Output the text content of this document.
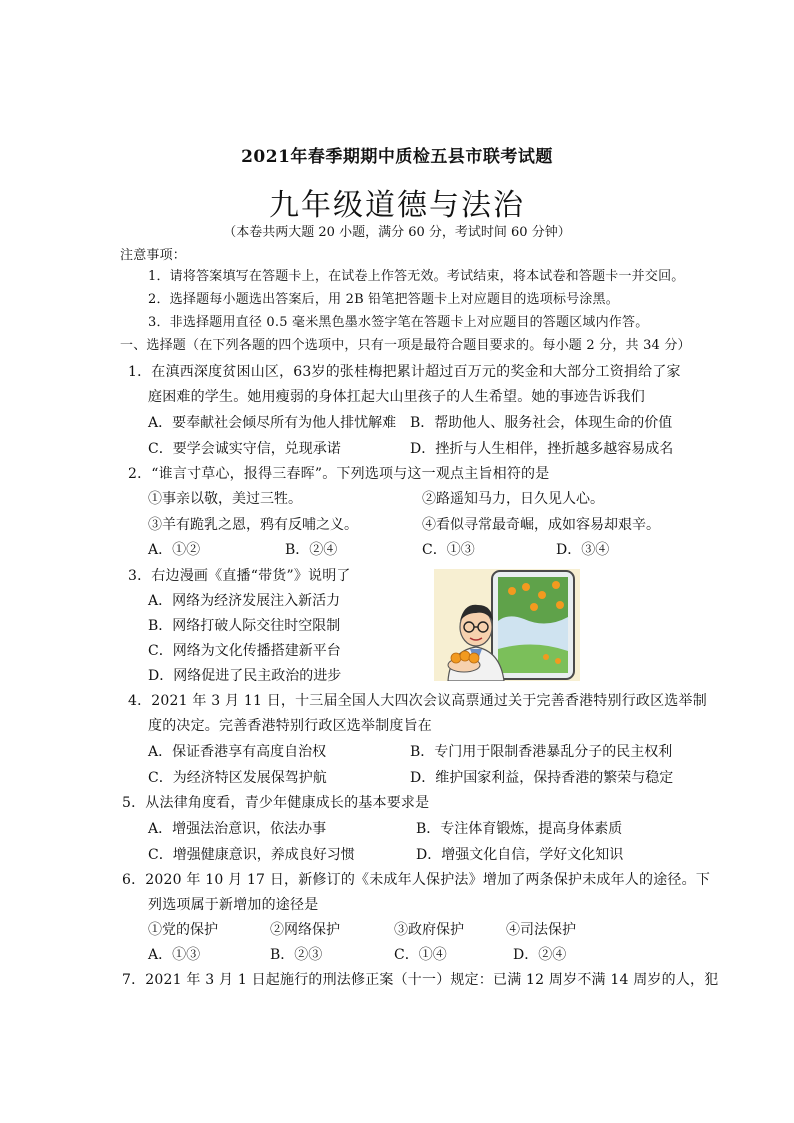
2021年春季期期中质检五县市联考试题
九年级道德与法治
（本卷共两大题 20 小题，满分 60 分，考试时间 60 分钟）
注意事项：
1．请将答案填写在答题卡上，在试卷上作答无效。考试结束，将本试卷和答题卡一并交回。
2．选择题每小题选出答案后，用 2B 铅笔把答题卡上对应题目的选项标号涂黑。
3．非选择题用直径 0.5 毫米黑色墨水签字笔在答题卡上对应题目的答题区域内作答。
一、选择题（在下列各题的四个选项中，只有一项是最符合题目要求的。每小题 2 分，共 34 分）
1．在滇西深度贫困山区，63岁的张桂梅把累计超过百万元的奖金和大部分工资捐给了家
庭困难的学生。她用瘦弱的身体扛起大山里孩子的人生希望。她的事迹告诉我们
A．要奉献社会倾尽所有为他人排忧解难 B．帮助他人、服务社会，体现生命的价值
C．要学会诚实守信，兑现承诺	D．挫折与人生相伴，挫折越多越容易成名
2．“谁言寸草心，报得三春晖”。下列选项与这一观点主旨相符的是
①事亲以敬，美过三牲。	②路遥知马力，日久见人心。
③羊有跪乳之恩，鸦有反哺之义。	④看似寻常最奇崛，成如容易却艰辛。
A．①②	B．②④	C．①③	D．③④
3．右边漫画《直播“带货”》说明了
A．网络为经济发展注入新活力
B．网络打破人际交往时空限制
C．网络为文化传播搭建新平台
D．网络促进了民主政治的进步
4．2021 年 3 月 11 日，十三届全国人大四次会议高票通过关于完善香港特别行政区选举制
度的决定。完善香港特别行政区选举制度旨在
A．保证香港享有高度自治权	B．专门用于限制香港暴乱分子的民主权利
C．为经济特区发展保驾护航	D．维护国家利益，保持香港的繁荣与稳定
5．从法律角度看，青少年健康成长的基本要求是
A．增强法治意识，依法办事	B．专注体育锻炼，提高身体素质
C．增强健康意识，养成良好习惯	D．增强文化自信，学好文化知识
6．2020 年 10 月 17 日，新修订的《未成年人保护法》增加了两条保护未成年人的途径。下
列选项属于新增加的途径是
①党的保护	②网络保护	③政府保护	④司法保护
A．①③	B．②③	C．①④	D．②④
7．2021 年 3 月 1 日起施行的刑法修正案（十一）规定：已满 12 周岁不满 14 周岁的人，犯
